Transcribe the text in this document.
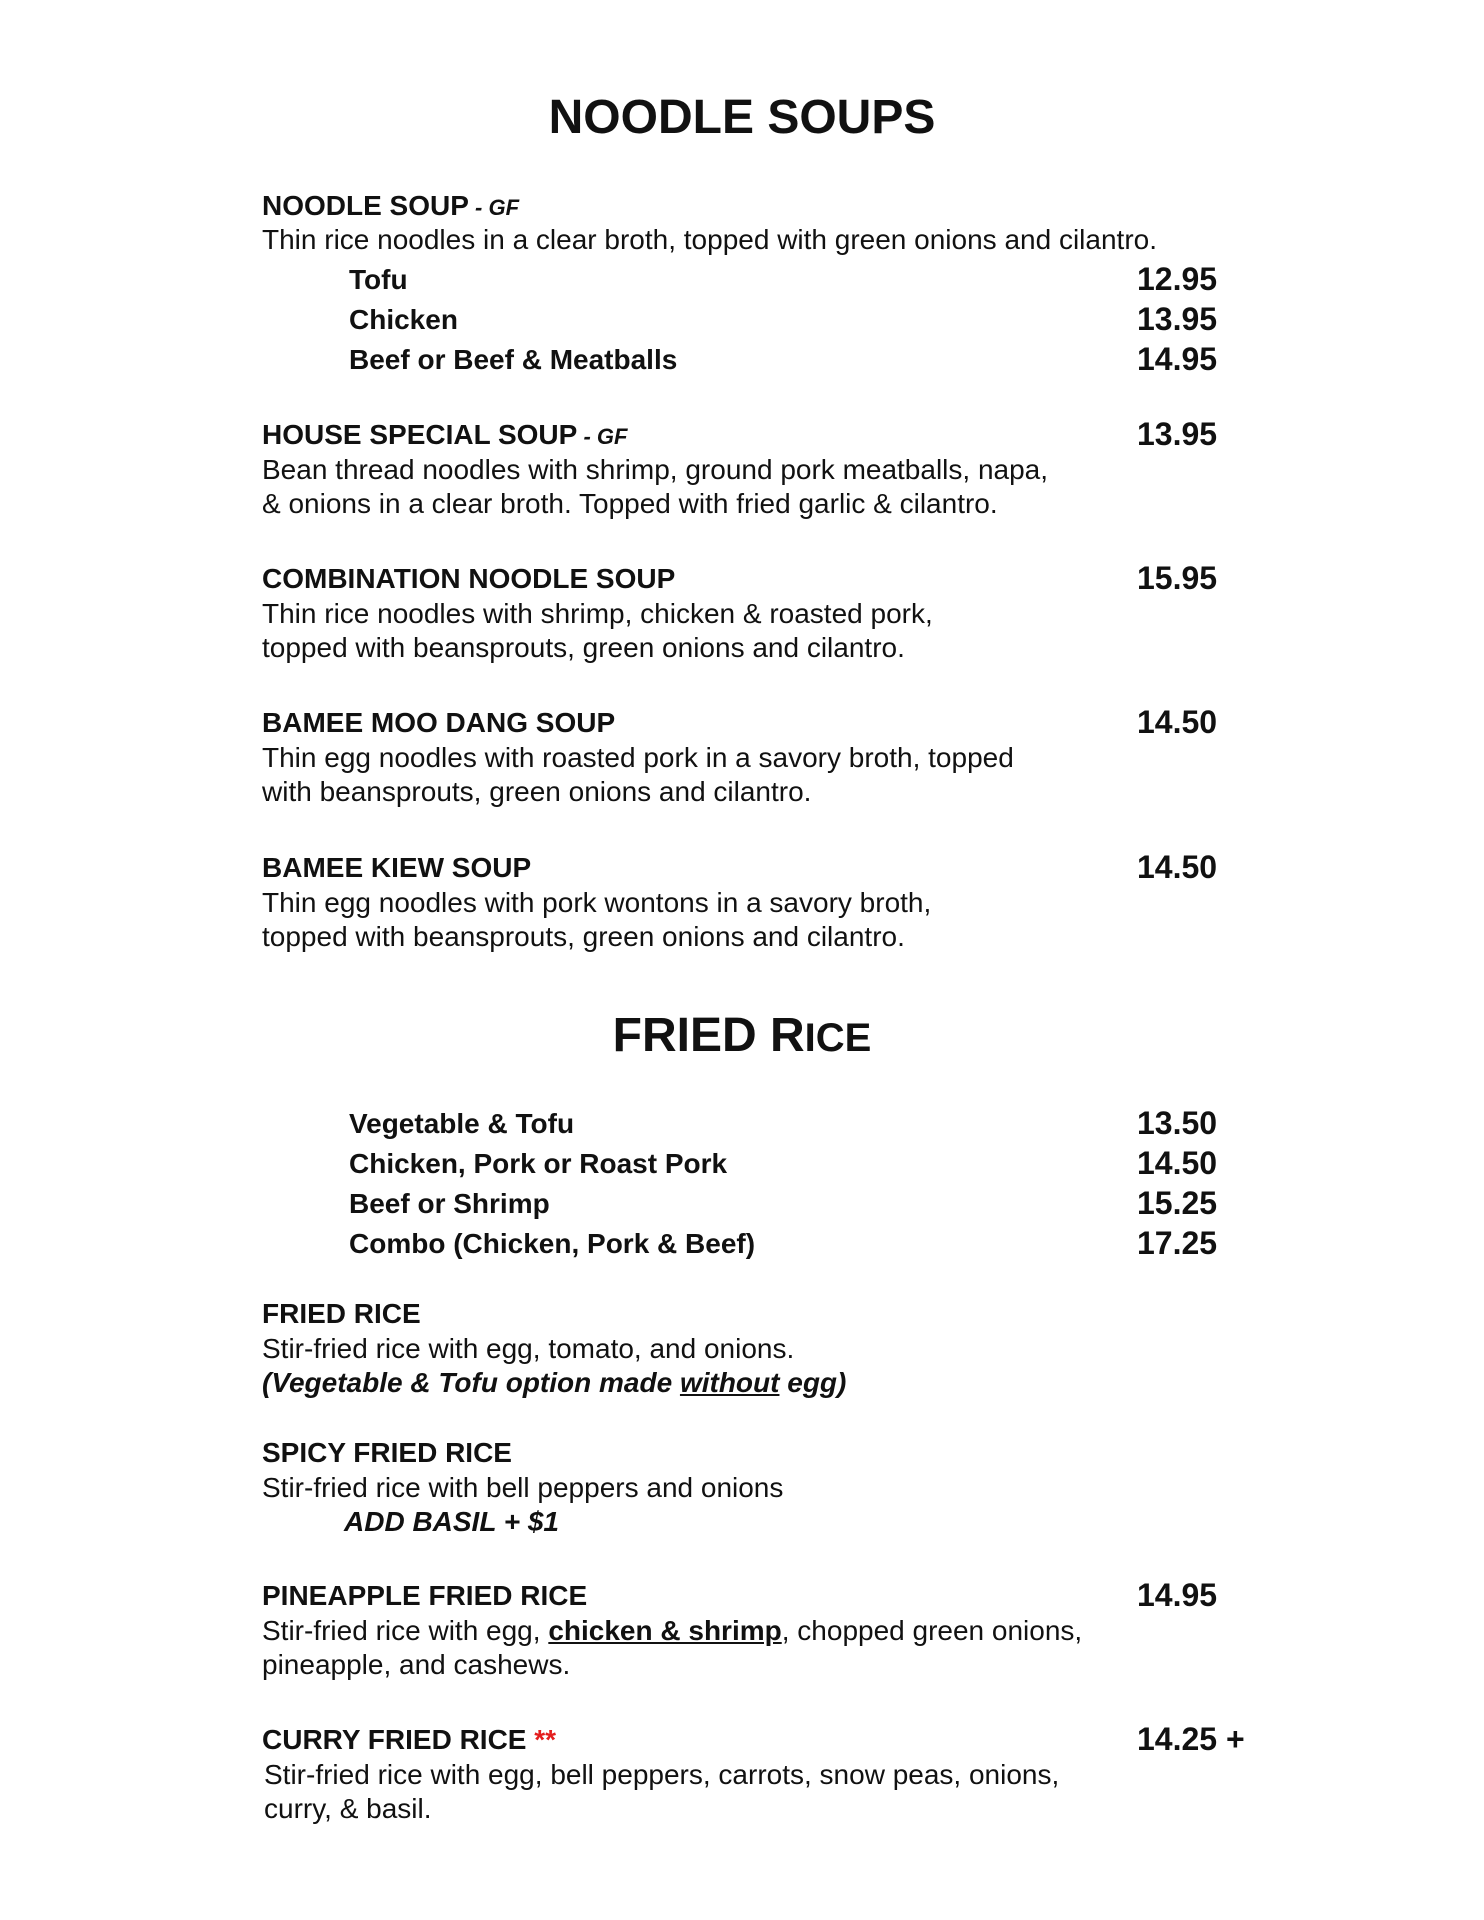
NOODLE SOUPS
NOODLE SOUP - GF
Thin rice noodles in a clear broth, topped with green onions and cilantro.
Tofu	12.95
Chicken	13.95
Beef or Beef & Meatballs	14.95
HOUSE SPECIAL SOUP - GF	13.95
Bean thread noodles with shrimp, ground pork meatballs, napa,
& onions in a clear broth. Topped with fried garlic & cilantro.
COMBINATION NOODLE SOUP	15.95
Thin rice noodles with shrimp, chicken & roasted pork,
topped with beansprouts, green onions and cilantro.
BAMEE MOO DANG SOUP	14.50
Thin egg noodles with roasted pork in a savory broth, topped
with beansprouts, green onions and cilantro.
BAMEE KIEW SOUP	14.50
Thin egg noodles with pork wontons in a savory broth,
topped with beansprouts, green onions and cilantro.
FRIED RICE
Vegetable & Tofu	13.50
Chicken, Pork or Roast Pork	14.50
Beef or Shrimp	15.25
Combo (Chicken, Pork & Beef)	17.25
FRIED RICE
Stir-fried rice with egg, tomato, and onions.
(Vegetable & Tofu option made without egg)
SPICY FRIED RICE
Stir-fried rice with bell peppers and onions
ADD BASIL + $1
PINEAPPLE FRIED RICE	14.95
Stir-fried rice with egg, chicken & shrimp, chopped green onions,
pineapple, and cashews.
CURRY FRIED RICE **	14.25 +
Stir-fried rice with egg, bell peppers, carrots, snow peas, onions,
curry, & basil.
